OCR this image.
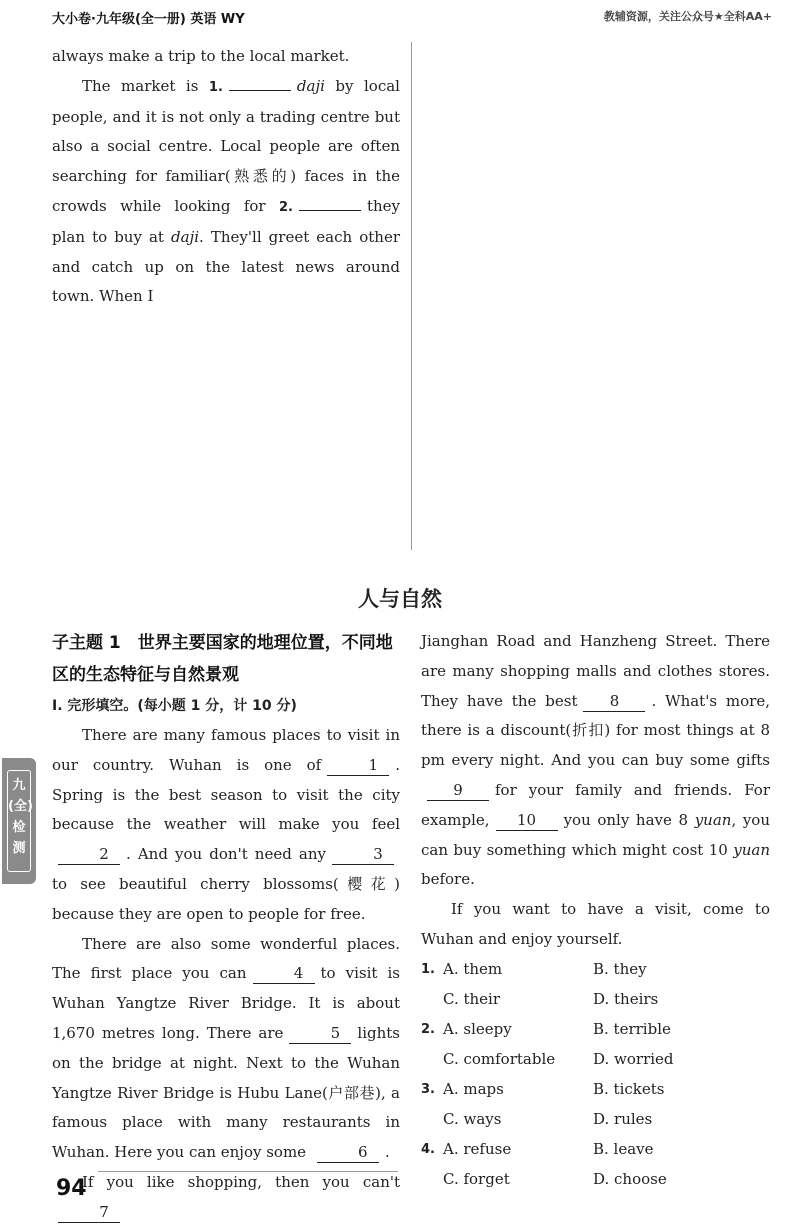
大小卷·九年级(全一册) 英语 WY	教辅资源，关注公众号★全科AA+

always make a trip to the local market.

The market is 1.	daji by local people, and it is not only a trading centre but also a social centre. Local people are often searching for familiar(熟悉的) faces in the crowds while looking for 2.	they plan to buy at daji. They'll greet each other and catch up on the latest news around town. When I

人与自然
子主题 1　世界主要国家的地理位置，不同地区的生态特征与自然景观
Ⅰ. 完形填空。(每小题 1 分，计 10 分)

There are many famous places to visit in our country. Wuhan is one of	1 . Spring is the best season to visit the city because the weather will make you feel2 . And you don't need any	3to see beautiful cherry blossoms(樱花) because they are open to people for free.

There are also some wonderful places. The first place you can	4 to visit is Wuhan Yangtze River Bridge. It is about 1,670 metres long. There are	5 lights on the bridge at night. Next to the Wuhan Yangtze River Bridge is Hubu Lane(户部巷), a famous place with many restaurants in Wuhan. Here you can enjoy some	6 .

If you like shopping, then you can't7

Jianghan Road and Hanzheng Street. There are many shopping malls and clothes stores. They have the best 8 . What's more, there is a discount(折扣) for most things at 8 pm every night. And you can buy some gifts9 for your family and friends. For example, 10 you only have 8 yuan, you can buy something which might cost 10 yuan before.

If you want to have a visit, come to Wuhan and enjoy yourself.

1.	A. them	B. they
	C. their	D. theirs
2.	A. sleepy	B. terrible
	C. comfortable	D. worried
3.	A. maps	B. tickets
	C. ways	D. rules
4.	A. refuse	B. leave
	C. forget	D. choose
九
(全)
检
测
94
